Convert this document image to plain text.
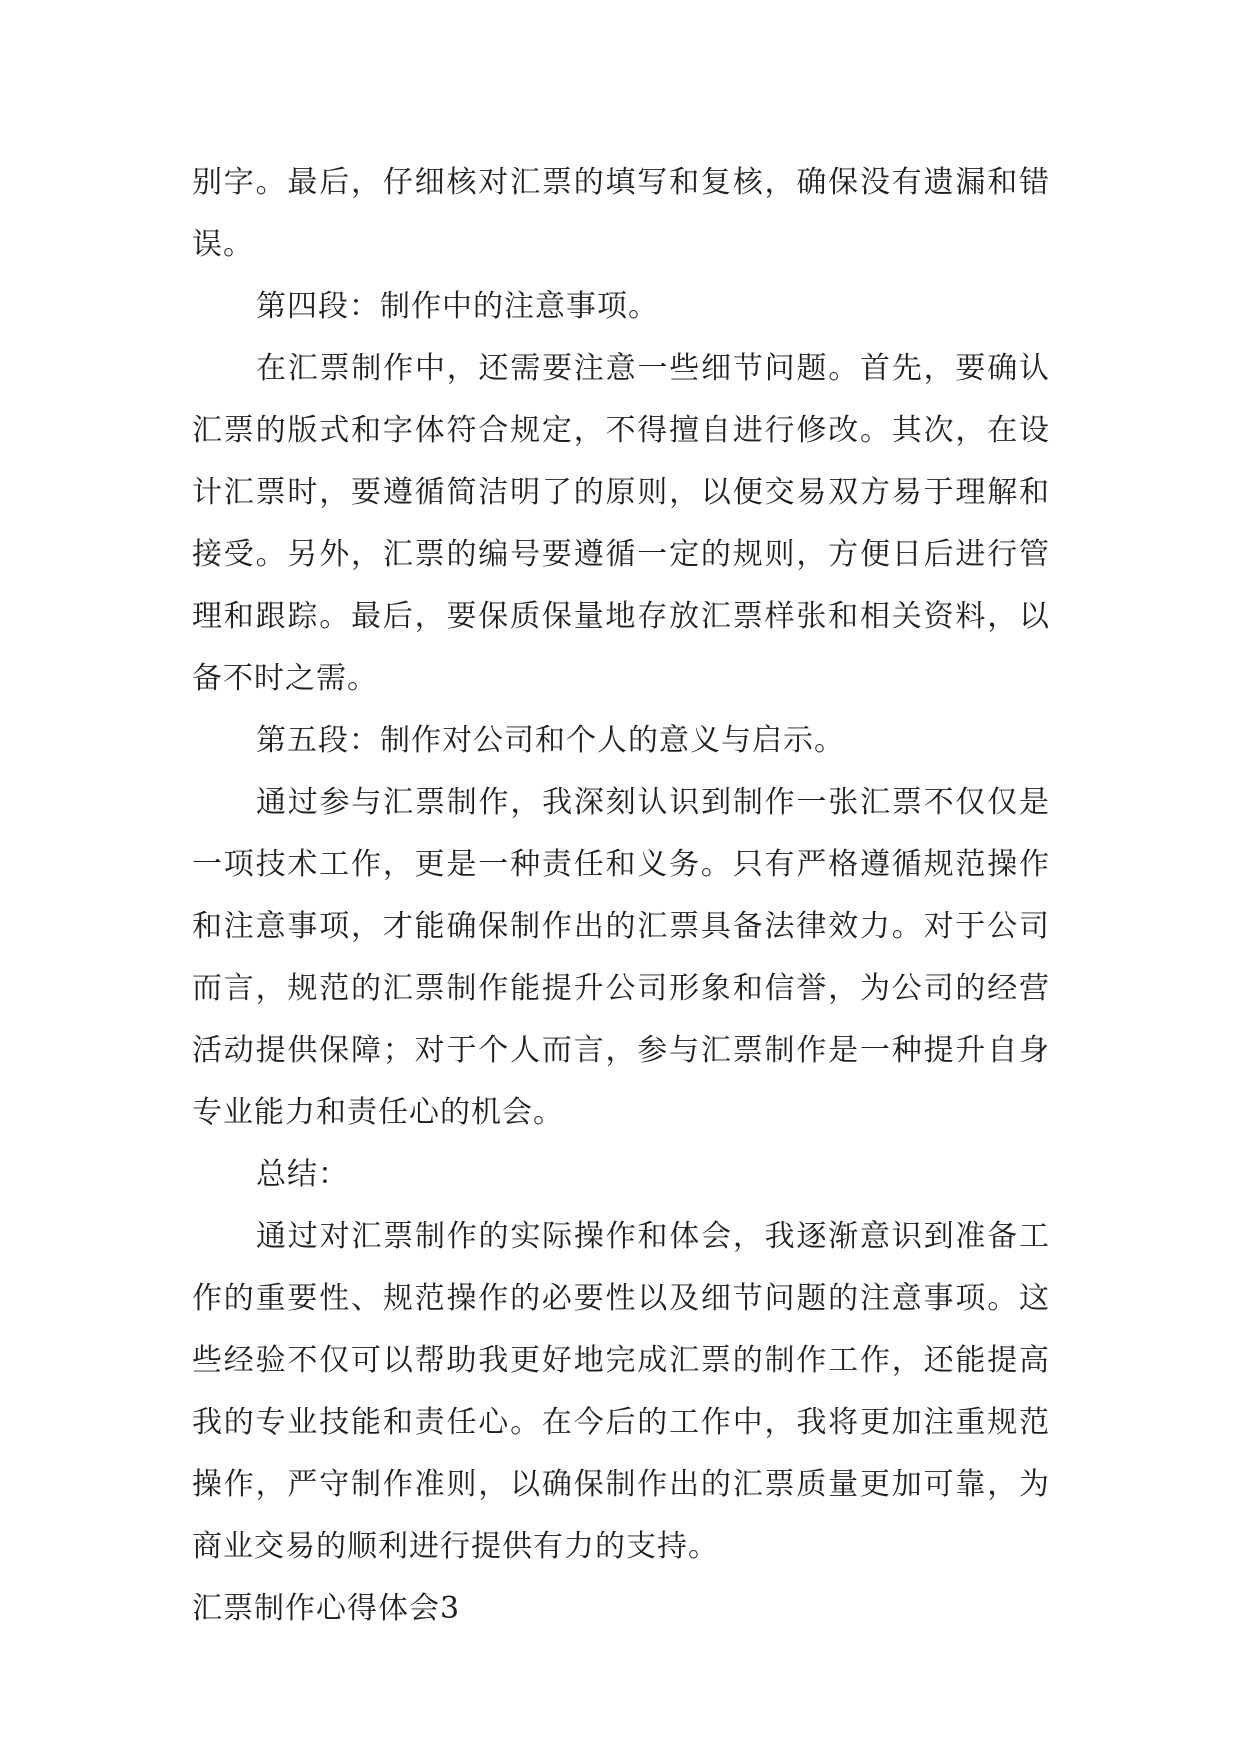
别字。最后，仔细核对汇票的填写和复核，确保没有遗漏和错误。

第四段：制作中的注意事项。

在汇票制作中，还需要注意一些细节问题。首先，要确认汇票的版式和字体符合规定，不得擅自进行修改。其次，在设计汇票时，要遵循简洁明了的原则，以便交易双方易于理解和接受。另外，汇票的编号要遵循一定的规则，方便日后进行管理和跟踪。最后，要保质保量地存放汇票样张和相关资料，以备不时之需。

第五段：制作对公司和个人的意义与启示。

通过参与汇票制作，我深刻认识到制作一张汇票不仅仅是一项技术工作，更是一种责任和义务。只有严格遵循规范操作和注意事项，才能确保制作出的汇票具备法律效力。对于公司而言，规范的汇票制作能提升公司形象和信誉，为公司的经营活动提供保障；对于个人而言，参与汇票制作是一种提升自身专业能力和责任心的机会。

总结：

通过对汇票制作的实际操作和体会，我逐渐意识到准备工作的重要性、规范操作的必要性以及细节问题的注意事项。这些经验不仅可以帮助我更好地完成汇票的制作工作，还能提高我的专业技能和责任心。在今后的工作中，我将更加注重规范操作，严守制作准则，以确保制作出的汇票质量更加可靠，为商业交易的顺利进行提供有力的支持。

汇票制作心得体会3
